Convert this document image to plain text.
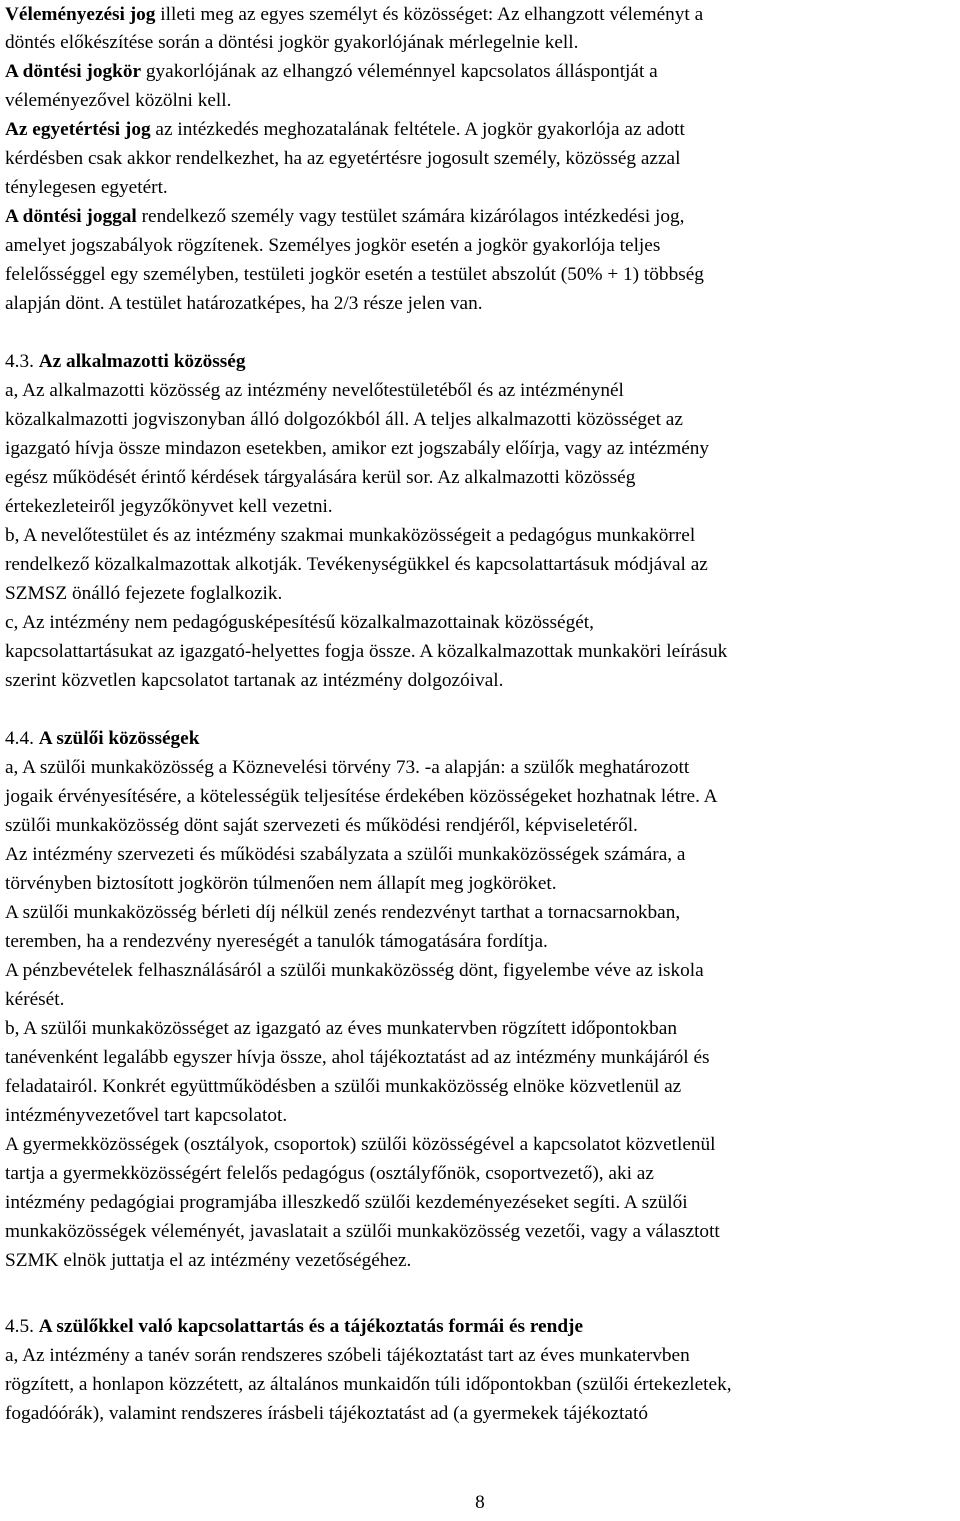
Véleményezési jog illeti meg az egyes személyt és közösséget: Az elhangzott véleményt a
döntés előkészítése során a döntési jogkör gyakorlójának mérlegelnie kell.
A döntési jogkör gyakorlójának az elhangzó véleménnyel kapcsolatos álláspontját a
véleményezővel közölni kell.
Az egyetértési jog az intézkedés meghozatalának feltétele. A jogkör gyakorlója az adott
kérdésben csak akkor rendelkezhet, ha az egyetértésre jogosult személy, közösség azzal
ténylegesen egyetért.
A döntési joggal rendelkező személy vagy testület számára kizárólagos intézkedési jog,
amelyet jogszabályok rögzítenek. Személyes jogkör esetén a jogkör gyakorlója teljes
felelősséggel egy személyben, testületi jogkör esetén a testület abszolút (50% + 1) többség
alapján dönt. A testület határozatképes, ha 2/3 része jelen van.
4.3. Az alkalmazotti közösség
a, Az alkalmazotti közösség az intézmény nevelőtestületéből és az intézménynél
közalkalmazotti jogviszonyban álló dolgozókból áll. A teljes alkalmazotti közösséget az
igazgató hívja össze mindazon esetekben, amikor ezt jogszabály előírja, vagy az intézmény
egész működését érintő kérdések tárgyalására kerül sor. Az alkalmazotti közösség
értekezleteiről jegyzőkönyvet kell vezetni.
b, A nevelőtestület és az intézmény szakmai munkaközösségeit a pedagógus munkakörrel
rendelkező közalkalmazottak alkotják. Tevékenységükkel és kapcsolattartásuk módjával az
SZMSZ önálló fejezete foglalkozik.
c, Az intézmény nem pedagógusképesítésű közalkalmazottainak közösségét,
kapcsolattartásukat az igazgató-helyettes fogja össze. A közalkalmazottak munkaköri leírásuk
szerint közvetlen kapcsolatot tartanak az intézmény dolgozóival.
4.4. A szülői közösségek
a, A szülői munkaközösség a Köznevelési törvény 73. -a alapján: a szülők meghatározott
jogaik érvényesítésére, a kötelességük teljesítése érdekében közösségeket hozhatnak létre. A
szülői munkaközösség dönt saját szervezeti és működési rendjéről, képviseletéről.
Az intézmény szervezeti és működési szabályzata a szülői munkaközösségek számára, a
törvényben biztosított jogkörön túlmenően nem állapít meg jogköröket.
A szülői munkaközösség bérleti díj nélkül zenés rendezvényt tarthat a tornacsarnokban,
teremben, ha a rendezvény nyereségét a tanulók támogatására fordítja.
A pénzbevételek felhasználásáról a szülői munkaközösség dönt, figyelembe véve az iskola
kérését.
b, A szülői munkaközösséget az igazgató az éves munkatervben rögzített időpontokban
tanévenként legalább egyszer hívja össze, ahol tájékoztatást ad az intézmény munkájáról és
feladatairól. Konkrét együttműködésben a szülői munkaközösség elnöke közvetlenül az
intézményvezetővel tart kapcsolatot.
A gyermekközösségek (osztályok, csoportok) szülői közösségével a kapcsolatot közvetlenül
tartja a gyermekközösségért felelős pedagógus (osztályfőnök, csoportvezető), aki az
intézmény pedagógiai programjába illeszkedő szülői kezdeményezéseket segíti. A szülői
munkaközösségek véleményét, javaslatait a szülői munkaközösség vezetői, vagy a választott
SZMK elnök juttatja el az intézmény vezetőségéhez.
4.5. A szülőkkel való kapcsolattartás és a tájékoztatás formái és rendje
a, Az intézmény a tanév során rendszeres szóbeli tájékoztatást tart az éves munkatervben
rögzített, a honlapon közzétett, az általános munkaidőn túli időpontokban (szülői értekezletek,
fogadóórák), valamint rendszeres írásbeli tájékoztatást ad (a gyermekek tájékoztató
8
